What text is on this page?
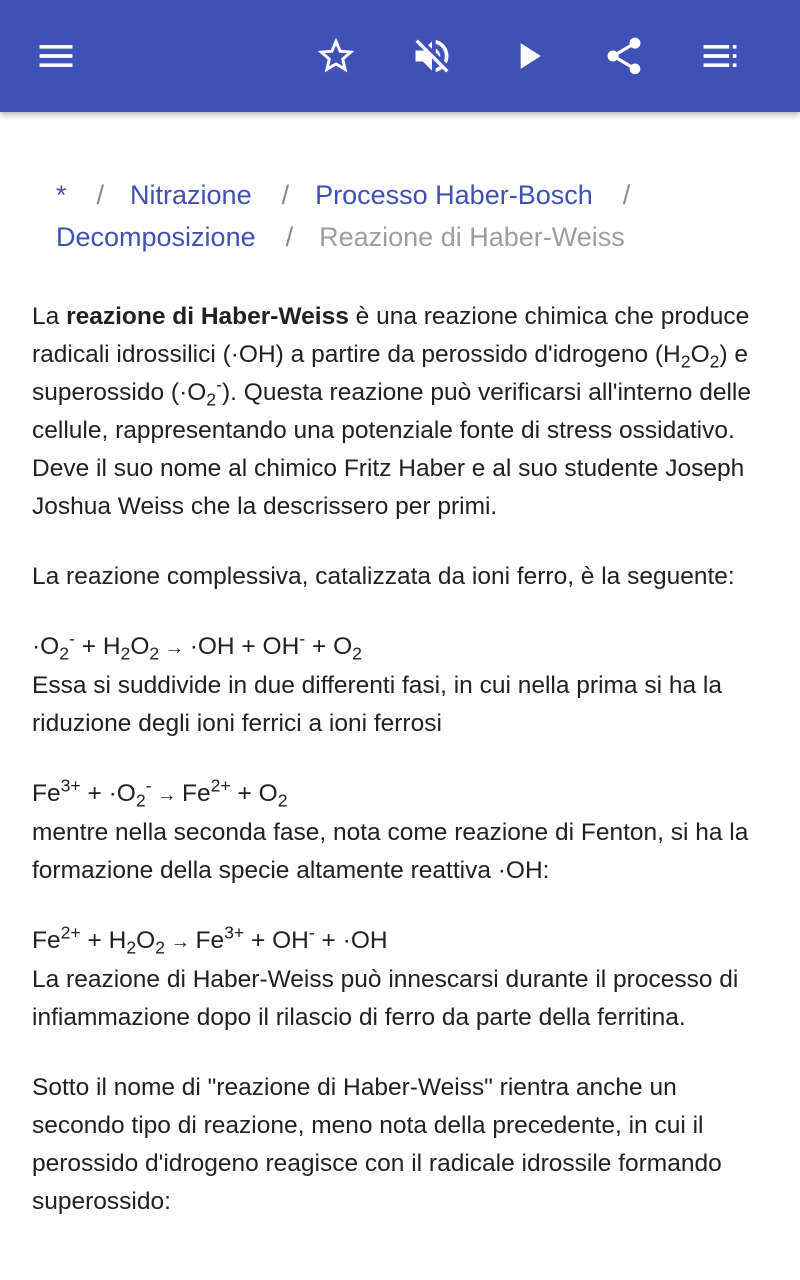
* / Nitrazione / Processo Haber-Bosch /
Decomposizione / Reazione di Haber-Weiss

La reazione di Haber-Weiss è una reazione chimica che produce radicali idrossilici (·OH) a partire da perossido d'idrogeno $(H_2O_2)$ e superossido $(\cdot O_2^-)$. Questa reazione può verificarsi all'interno delle cellule, rappresentando una potenziale fonte di stress ossidativo. Deve il suo nome al chimico Fritz Haber e al suo studente Joseph Joshua Weiss che la descrissero per primi.

La reazione complessiva, catalizzata da ioni ferro, è la seguente:

$\cdot O_2^- + H_2O_2 \to \cdot OH + OH^- + O_2$

Essa si suddivide in due differenti fasi, in cui nella prima si ha la riduzione degli ioni ferrici a ioni ferrosi

$Fe^{3+} + \cdot O_2^- \to Fe^{2+} + O_2$

mentre nella seconda fase, nota come reazione di Fenton, si ha la formazione della specie altamente reattiva ·OH:

$Fe^{2+} + H_2O_2 \to Fe^{3+} + OH^- + \cdot OH$

La reazione di Haber-Weiss può innescarsi durante il processo di infiammazione dopo il rilascio di ferro da parte della ferritina.

Sotto il nome di "reazione di Haber-Weiss" rientra anche un secondo tipo di reazione, meno nota della precedente, in cui il perossido d'idrogeno reagisce con il radicale idrossile formando superossido:
